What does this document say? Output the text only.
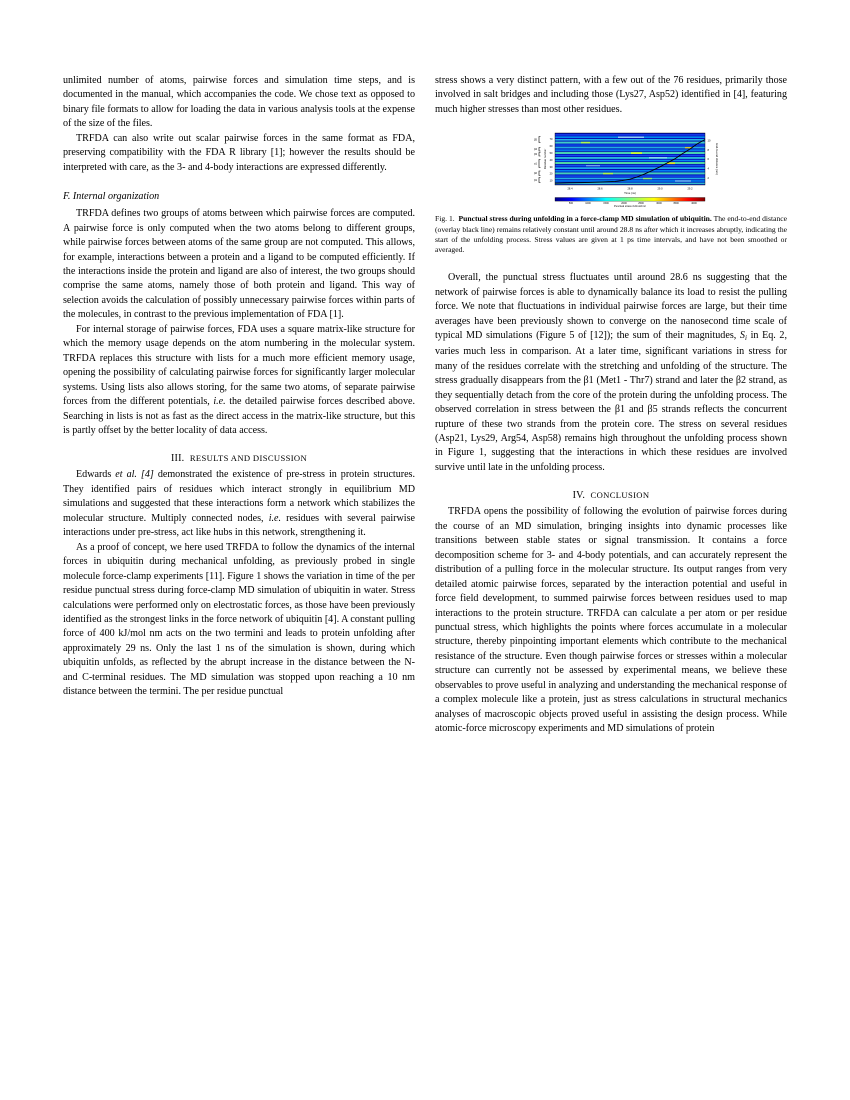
unlimited number of atoms, pairwise forces and simulation time steps, and is documented in the manual, which accompanies the code. We chose text as opposed to binary file formats to allow for loading the data in various analysis tools at the expense of the size of the files.

TRFDA can also write out scalar pairwise forces in the same format as FDA, preserving compatibility with the FDA R library [1]; however the results should be interpreted with care, as the 3- and 4-body interactions are expressed differently.

F. Internal organization

TRFDA defines two groups of atoms between which pairwise forces are computed. A pairwise force is only computed when the two atoms belong to different groups, while pairwise forces between atoms of the same group are not computed. This allows, for example, interactions between a protein and a ligand to be computed efficiently. If the interactions inside the protein and ligand are also of interest, the two groups should comprise the same atoms, namely those of both protein and ligand. This way of selection avoids the calculation of possibly unnecessary pairwise forces within parts of the molecules, in contrast to the previous implementation of FDA [1].

For internal storage of pairwise forces, FDA uses a square matrix-like structure for which the memory usage depends on the atom numbering in the molecular system. TRFDA replaces this structure with lists for a much more efficient memory usage, opening the possibility of calculating pairwise forces for significantly larger molecular systems. Using lists also allows storing, for the same two atoms, of separate pairwise forces from the different potentials, i.e. the detailed pairwise forces described above. Searching in lists is not as fast as the direct access in the matrix-like structure, but this is partly offset by the better locality of data access.

III. RESULTS AND DISCUSSION

Edwards et al. [4] demonstrated the existence of pre-stress in protein structures. They identified pairs of residues which interact strongly in equilibrium MD simulations and suggested that these interactions form a network which stabilizes the molecular structure. Multiply connected nodes, i.e. residues with several pairwise interactions under pre-stress, act like hubs in this network, strengthening it.

As a proof of concept, we here used TRFDA to follow the dynamics of the internal forces in ubiquitin during mechanical unfolding, as previously probed in single molecule force-clamp experiments [11]. Figure 1 shows the variation in time of the per residue punctual stress during force-clamp MD simulation of ubiquitin in water. Stress calculations were performed only on electrostatic forces, as those have been previously identified as the strongest links in the force network of ubiquitin [4]. A constant pulling force of 400 kJ/mol nm acts on the two termini and leads to protein unfolding after approximately 29 ns. Only the last 1 ns of the simulation is shown, during which ubiquitin unfolds, as reflected by the abrupt increase in the distance between the N- and C-terminal residues. The MD simulation was stopped upon reaching a 10 nm distance between the termini. The per residue punctual

stress shows a very distinct pattern, with a few out of the 76 residues, primarily those involved in salt bridges and including those (Lys27, Asp52) identified in [4], featuring much higher stresses than most other residues.

10
20
30
40
50
60
70
Residue number
β5
β4
β3
α1
β2
β1
28.4	28.6	28.8	29.0	29.2
Time (ns)
2
4
6
8
10
End-to-end distance (nm)
500	1000	1500	2000	2500	3000	3500	4000
Punctual stress (kJ/mol/nm)

Fig. 1. Punctual stress during unfolding in a force-clamp MD simulation of ubiquitin. The end-to-end distance (overlay black line) remains relatively constant until around 28.8 ns after which it increases abruptly, indicating the start of the unfolding process. Stress values are given at 1 ps time intervals, and have not been smoothed or averaged.

Overall, the punctual stress fluctuates until around 28.6 ns suggesting that the network of pairwise forces is able to dynamically balance its load to resist the pulling force. We note that fluctuations in individual pairwise forces are large, but their time averages have been previously shown to converge on the nanosecond time scale of typical MD simulations (Figure 5 of [12]); the sum of their magnitudes, $S_i$ in Eq. 2, varies much less in comparison. At a later time, significant variations in stress for many of the residues correlate with the stretching and unfolding of the structure. The stress gradually disappears from the β1 (Met1 - Thr7) strand and later the β2 strand, as they sequentially detach from the core of the protein during the unfolding process. The observed correlation in stress between the β1 and β5 strands reflects the concurrent rupture of these two strands from the protein core. The stress on several residues (Asp21, Lys29, Arg54, Asp58) remains high throughout the unfolding process shown in Figure 1, suggesting that the interactions in which these residues are involved survive until late in the unfolding process.

IV. CONCLUSION

TRFDA opens the possibility of following the evolution of pairwise forces during the course of an MD simulation, bringing insights into dynamic processes like transitions between stable states or signal transmission. It contains a force decomposition scheme for 3- and 4-body potentials, and can accurately represent the distribution of a pulling force in the molecular structure. Its output ranges from very detailed atomic pairwise forces, separated by the interaction potential and useful in force field development, to summed pairwise forces between residues used to map interactions to the protein structure. TRFDA can calculate a per atom or per residue punctual stress, which highlights the points where forces accumulate in a molecular structure, thereby pinpointing important elements which contribute to the mechanical resistance of the structure. Even though pairwise forces or stresses within a molecular structure can currently not be assessed by experimental means, we believe these observables to prove useful in analyzing and understanding the mechanical response of a complex molecule like a protein, just as stress calculations in structural mechanics analyses of macroscopic objects proved useful in assisting the design process. While atomic-force microscopy experiments and MD simulations of protein
